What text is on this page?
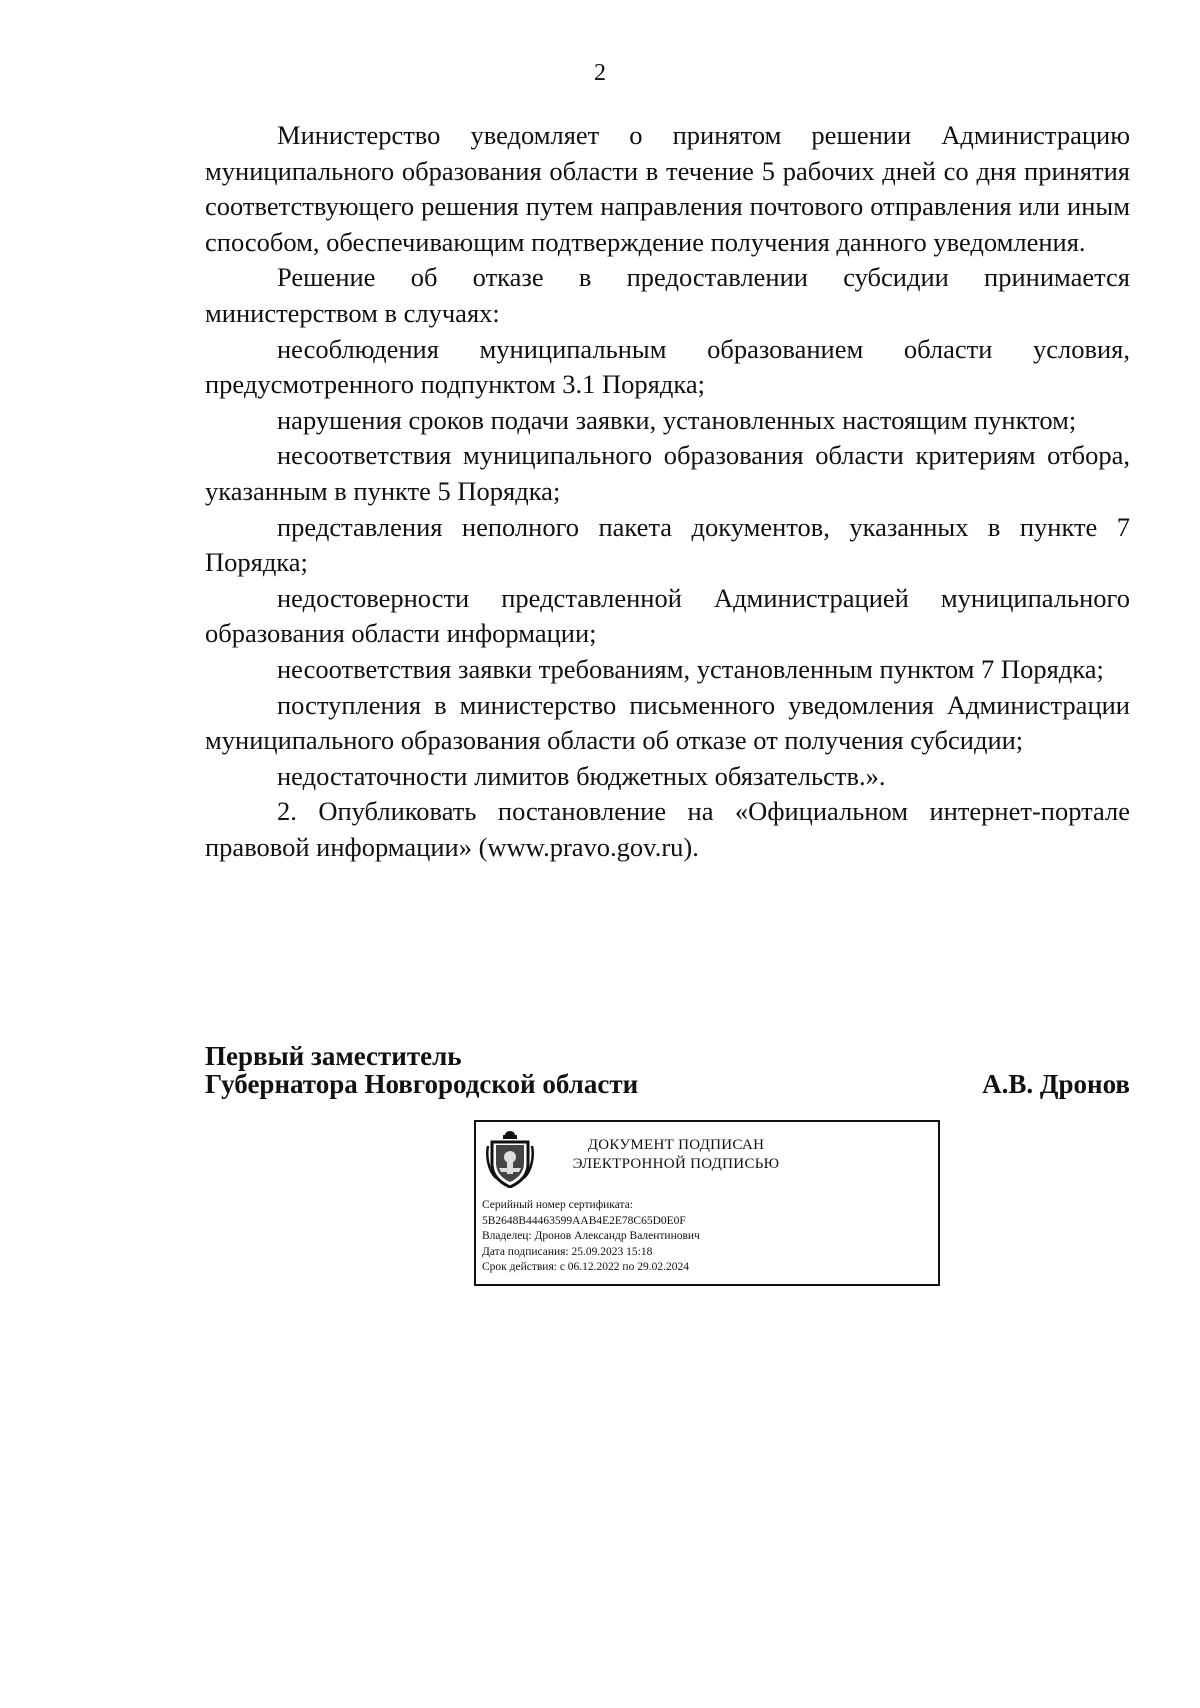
2

Министерство уведомляет о принятом решении Администрацию муниципального образования области в течение 5 рабочих дней со дня принятия соответствующего решения путем направления почтового отправления или иным способом, обеспечивающим подтверждение получения данного уведомления.

Решение об отказе в предоставлении субсидии принимается министерством в случаях:

несоблюдения муниципальным образованием области условия, предусмотренного подпунктом 3.1 Порядка;

нарушения сроков подачи заявки, установленных настоящим пунктом;

несоответствия муниципального образования области критериям отбора, указанным в пункте 5 Порядка;

представления неполного пакета документов, указанных в пункте 7 Порядка;

недостоверности представленной Администрацией муниципального образования области информации;

несоответствия заявки требованиям, установленным пунктом 7 Порядка;

поступления в министерство письменного уведомления Администрации муниципального образования области об отказе от получения субсидии;

недостаточности лимитов бюджетных обязательств.».

2. Опубликовать постановление на «Официальном интернет-портале правовой информации» (www.pravo.gov.ru).

Первый заместитель
Губернатора Новгородской области	А.В. Дронов
ДОКУМЕНТ ПОДПИСАН
ЭЛЕКТРОННОЙ ПОДПИСЬЮ
Серийный номер сертификата:
5B2648B44463599AAB4E2E78C65D0E0F
Владелец: Дронов Александр Валентинович
Дата подписания: 25.09.2023 15:18
Срок действия: с 06.12.2022 по 29.02.2024
